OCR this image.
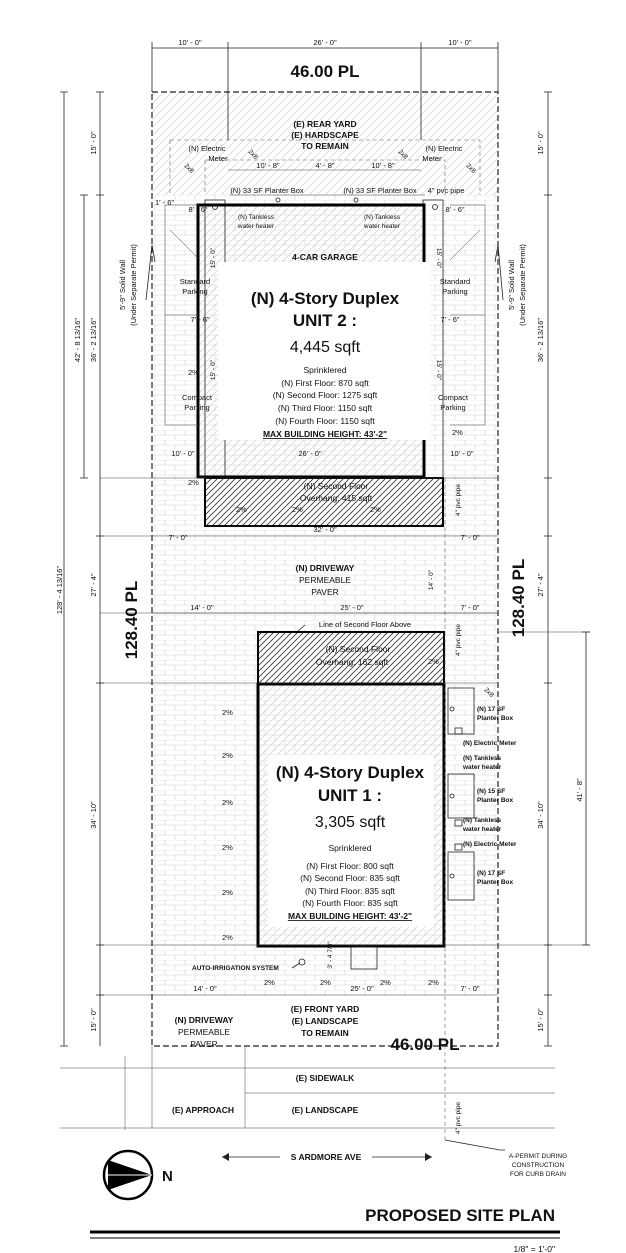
10' - 0"	26' - 0"	10' - 0"
46.00 PL
(E) REAR YARD
(E) HARDSCAPE
TO REMAIN
(N) Electric
Meter
(N) Electric
Meter
2x8	2x8
2x8	2x8
10' - 8"	4' - 8"	10' - 8"
(N) 33 SF Planter Box	(N) 33 SF Planter Box 4" pvc pipe
1' - 6"
8' - 6"	8' - 6"
(N) Tankless
water heater
(N) Tankless
water heater
4-CAR GARAGE
15' - 0"	15' - 0"
15' - 0"	15' - 0"
Standard
Parking
Standard
Parking
7' - 6"	7' - 6"
Compact
Parking
Compact
Parking
5'-9" Solid Wall (Under Separate Permit)	5'-9" Solid Wall (Under Separate Permit)
(N) 4-Story Duplex
UNIT 2 :
4,445 sqft
Sprinklered
(N) First Floor: 870 sqft
(N) Second Floor: 1275 sqft
(N) Third Floor: 1150 sqft
(N) Fourth Floor: 1150 sqft
MAX BUILDING HEIGHT: 43'-2"
2%
2%
2%
2%	2%	2%
2%
2%
2%
2%
2%
2%
2%
2%	2%	2%	2%
10' - 0"	26' - 0"	10' - 0"
(N) Second Floor
Overhang: 415 sqft	4" pvc pipe
7' - 0"
32' - 0"
7' - 0"
(N) DRIVEWAY
PERMEABLE
PAVER
14' - 0"
14' - 0"	25' - 0"	7' - 0"
Line of Second Floor Above	4" pvc pipe
(N) Second Floor
Overhang: 162 sqft
(N) 17 SF
Planter Box
(N) Electric Meter
(N) Tankless
water heater
(N) 15 SF
Planter Box
(N) Tankless
water heater
(N) Electric Meter
(N) 17 SF
Planter Box
2x8
(N) 4-Story Duplex
UNIT 1 :
3,305 sqft
Sprinklered
(N) First Floor: 800 sqft
(N) Second Floor: 835 sqft
(N) Third Floor: 835 sqft
(N) Fourth Floor: 835 sqft
MAX BUILDING HEIGHT: 43'-2"
AUTO-IRRIGATION SYSTEM	3' - 4 7/8"
14' - 0"	25' - 0"	7' - 0"
(E) FRONT YARD
(E) LANDSCAPE
TO REMAIN
(N) DRIVEWAY
PERMEABLE
PAVER	46.00 PL
(E) SIDEWALK
(E) APPROACH	(E) LANDSCAPE	4" pvc pipe
S ARDMORE AVE	A-PERMIT DURING
CONSTRUCTION
FOR CURB DRAIN
N
PROPOSED SITE PLAN
1/8" = 1'-0"
15' - 0"
36' - 2 13/16"
42' - 8 13/16"
128' - 4 13/16"	27' - 4"
34' - 10"
15' - 0"
128.40 PL
15' - 0"
36' - 2 13/16"
27' - 4"
34' - 10"
41' - 8"
15' - 0"
128.40 PL
